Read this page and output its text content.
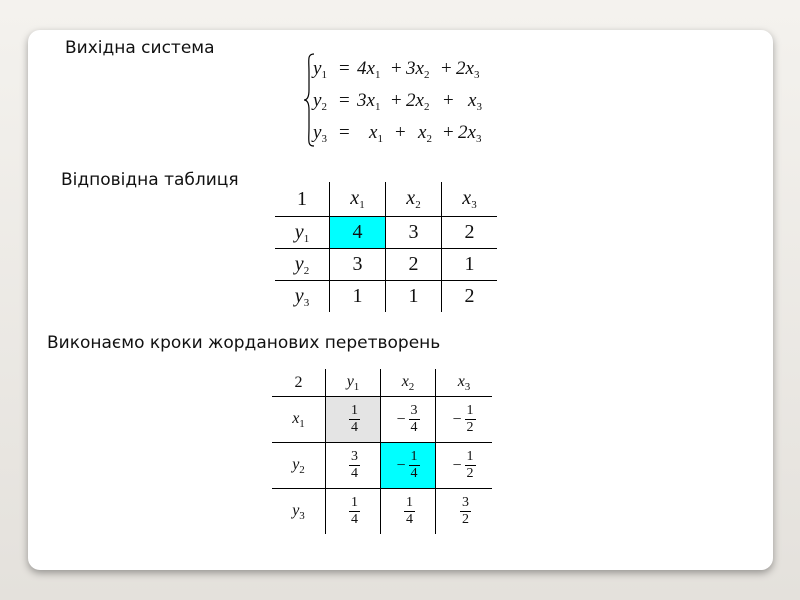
Вихідна система
$y_1 = 4x_1 + 3x_2 + 2x_3$
$y_2 = 3x_1 + 2x_2 + x_3$
$y_3 = x_1 + x_2 + 2x_3$
Відповідна таблиця
1	$x_1$	$x_2$	$x_3$
$y_1$	4	3	2
$y_2$	3	2	1
$y_3$	1	1	2
Виконаємо кроки жорданових перетворень
2	$y_1$	$x_2$	$x_3$
$x_1$	$\frac{1}{4}$	− $\frac{3}{4}$	− $\frac{1}{2}$

$y_2$	$\frac{3}{4}$	− $\frac{1}{4}$	− $\frac{1}{2}$

$y_3$	$\frac{1}{4}$	$\frac{1}{4}$	$\frac{3}{2}$
